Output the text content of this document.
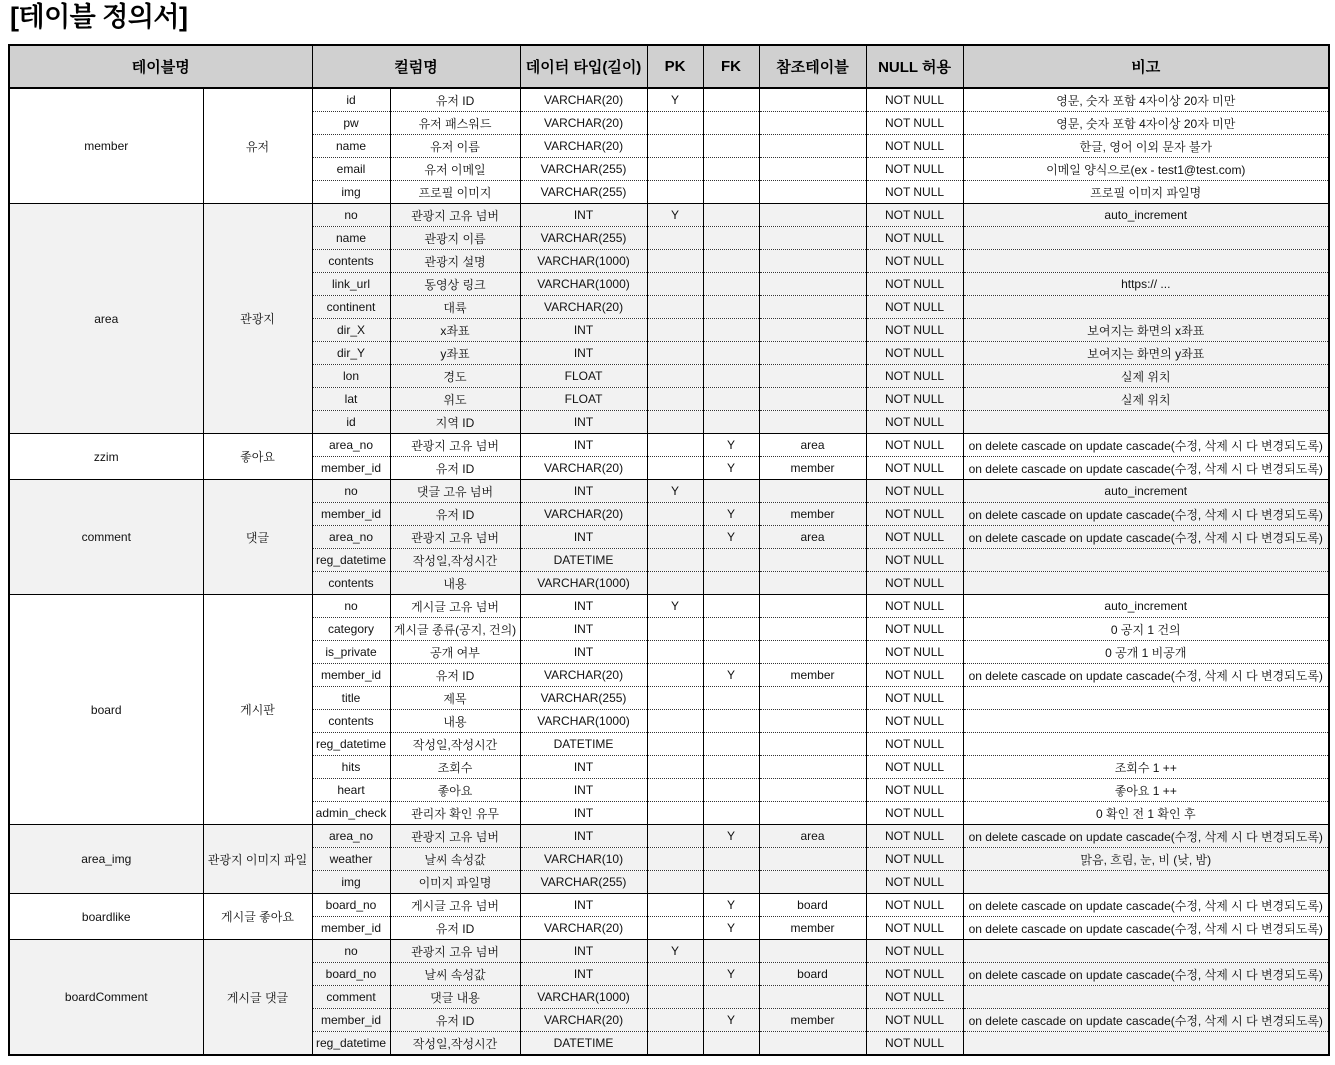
[테이블 정의서]
테이블명		컬럼명		데이터 타입(길이)	PK	FK	참조테이블	NULL 허용	비고
member	유저	id	유저 ID	VARCHAR(20)	Y			NOT NULL	영문, 숫자 포함 4자이상 20자 미만
		pw	유저 패스워드	VARCHAR(20)				NOT NULL	영문, 숫자 포함 4자이상 20자 미만
		name	유저 이름	VARCHAR(20)				NOT NULL	한글, 영어 이외 문자 불가
		email	유저 이메일	VARCHAR(255)				NOT NULL	이메일 양식으로(ex - test1@test.com)
		img	프로필 이미지	VARCHAR(255)				NOT NULL	프로필 이미지 파일명
area	관광지	no	관광지 고유 넘버	INT	Y			NOT NULL	auto_increment
		name	관광지 이름	VARCHAR(255)				NOT NULL	
		contents	관광지 설명	VARCHAR(1000)				NOT NULL	
		link_url	동영상 링크	VARCHAR(1000)				NOT NULL	https:// ...
		continent	대륙	VARCHAR(20)				NOT NULL	
		dir_X	x좌표	INT				NOT NULL	보여지는 화면의 x좌표
		dir_Y	y좌표	INT				NOT NULL	보여지는 화면의 y좌표
		lon	경도	FLOAT				NOT NULL	실제 위치
		lat	위도	FLOAT				NOT NULL	실제 위치
		id	지역 ID	INT				NOT NULL	
zzim	좋아요	area_no	관광지 고유 넘버	INT		Y	area	NOT NULL	on delete cascade on update cascade(수정, 삭제 시 다 변경되도록)
		member_id	유저 ID	VARCHAR(20)		Y	member	NOT NULL	on delete cascade on update cascade(수정, 삭제 시 다 변경되도록)
comment	댓글	no	댓글 고유 넘버	INT	Y			NOT NULL	auto_increment
		member_id	유저 ID	VARCHAR(20)		Y	member	NOT NULL	on delete cascade on update cascade(수정, 삭제 시 다 변경되도록)
		area_no	관광지 고유 넘버	INT		Y	area	NOT NULL	on delete cascade on update cascade(수정, 삭제 시 다 변경되도록)
		reg_datetime	작성일,작성시간	DATETIME				NOT NULL	
		contents	내용	VARCHAR(1000)				NOT NULL	
board	게시판	no	게시글 고유 넘버	INT	Y			NOT NULL	auto_increment
		category	게시글 종류(공지, 건의)	INT				NOT NULL	0 공지 1 건의
		is_private	공개 여부	INT				NOT NULL	0 공개 1 비공개
		member_id	유저 ID	VARCHAR(20)		Y	member	NOT NULL	on delete cascade on update cascade(수정, 삭제 시 다 변경되도록)
		title	제목	VARCHAR(255)				NOT NULL	
		contents	내용	VARCHAR(1000)				NOT NULL	
		reg_datetime	작성일,작성시간	DATETIME				NOT NULL	
		hits	조회수	INT				NOT NULL	조회수 1 ++
		heart	좋아요	INT				NOT NULL	좋아요 1 ++
		admin_check	관리자 확인 유무	INT				NOT NULL	0 확인 전 1 확인 후
area_img	관광지 이미지 파일	area_no	관광지 고유 넘버	INT		Y	area	NOT NULL	on delete cascade on update cascade(수정, 삭제 시 다 변경되도록)
		weather	날씨 속성값	VARCHAR(10)				NOT NULL	맑음, 흐림, 눈, 비 (낮, 밤)
		img	이미지 파일명	VARCHAR(255)				NOT NULL	
boardlike	게시글 좋아요	board_no	게시글 고유 넘버	INT		Y	board	NOT NULL	on delete cascade on update cascade(수정, 삭제 시 다 변경되도록)
		member_id	유저 ID	VARCHAR(20)		Y	member	NOT NULL	on delete cascade on update cascade(수정, 삭제 시 다 변경되도록)
boardComment	게시글 댓글	no	관광지 고유 넘버	INT	Y			NOT NULL	
		board_no	날씨 속성값	INT		Y	board	NOT NULL	on delete cascade on update cascade(수정, 삭제 시 다 변경되도록)
		comment	댓글 내용	VARCHAR(1000)				NOT NULL	
		member_id	유저 ID	VARCHAR(20)		Y	member	NOT NULL	on delete cascade on update cascade(수정, 삭제 시 다 변경되도록)
		reg_datetime	작성일,작성시간	DATETIME				NOT NULL	
